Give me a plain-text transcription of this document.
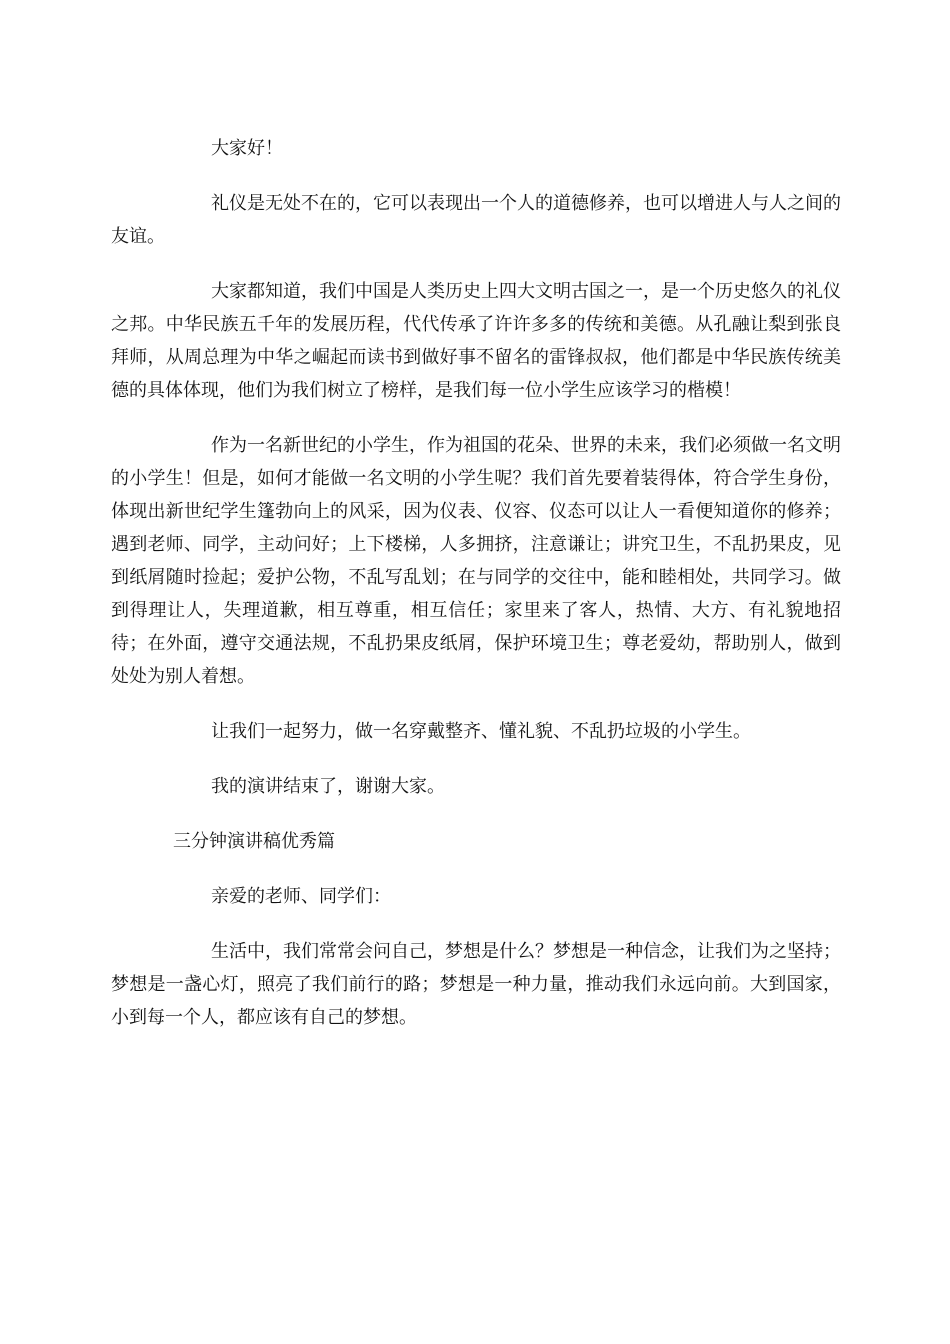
大家好！

礼仪是无处不在的，它可以表现出一个人的道德修养，也可以增进人与人之间的友谊。

大家都知道，我们中国是人类历史上四大文明古国之一，是一个历史悠久的礼仪之邦。中华民族五千年的发展历程，代代传承了许许多多的传统和美德。从孔融让梨到张良拜师，从周总理为中华之崛起而读书到做好事不留名的雷锋叔叔，他们都是中华民族传统美德的具体体现，他们为我们树立了榜样，是我们每一位小学生应该学习的楷模！

作为一名新世纪的小学生，作为祖国的花朵、世界的未来，我们必须做一名文明的小学生！但是，如何才能做一名文明的小学生呢？我们首先要着装得体，符合学生身份，体现出新世纪学生篷勃向上的风采，因为仪表、仪容、仪态可以让人一看便知道你的修养；遇到老师、同学，主动问好；上下楼梯，人多拥挤，注意谦让；讲究卫生，不乱扔果皮，见到纸屑随时捡起；爱护公物，不乱写乱划；在与同学的交往中，能和睦相处，共同学习。做到得理让人，失理道歉，相互尊重，相互信任；家里来了客人，热情、大方、有礼貌地招待；在外面，遵守交通法规，不乱扔果皮纸屑，保护环境卫生；尊老爱幼，帮助别人，做到处处为别人着想。

让我们一起努力，做一名穿戴整齐、懂礼貌、不乱扔垃圾的小学生。

我的演讲结束了，谢谢大家。

三分钟演讲稿优秀篇

亲爱的老师、同学们：

生活中，我们常常会问自己，梦想是什么？梦想是一种信念，让我们为之坚持；梦想是一盏心灯，照亮了我们前行的路；梦想是一种力量，推动我们永远向前。大到国家，小到每一个人，都应该有自己的梦想。
